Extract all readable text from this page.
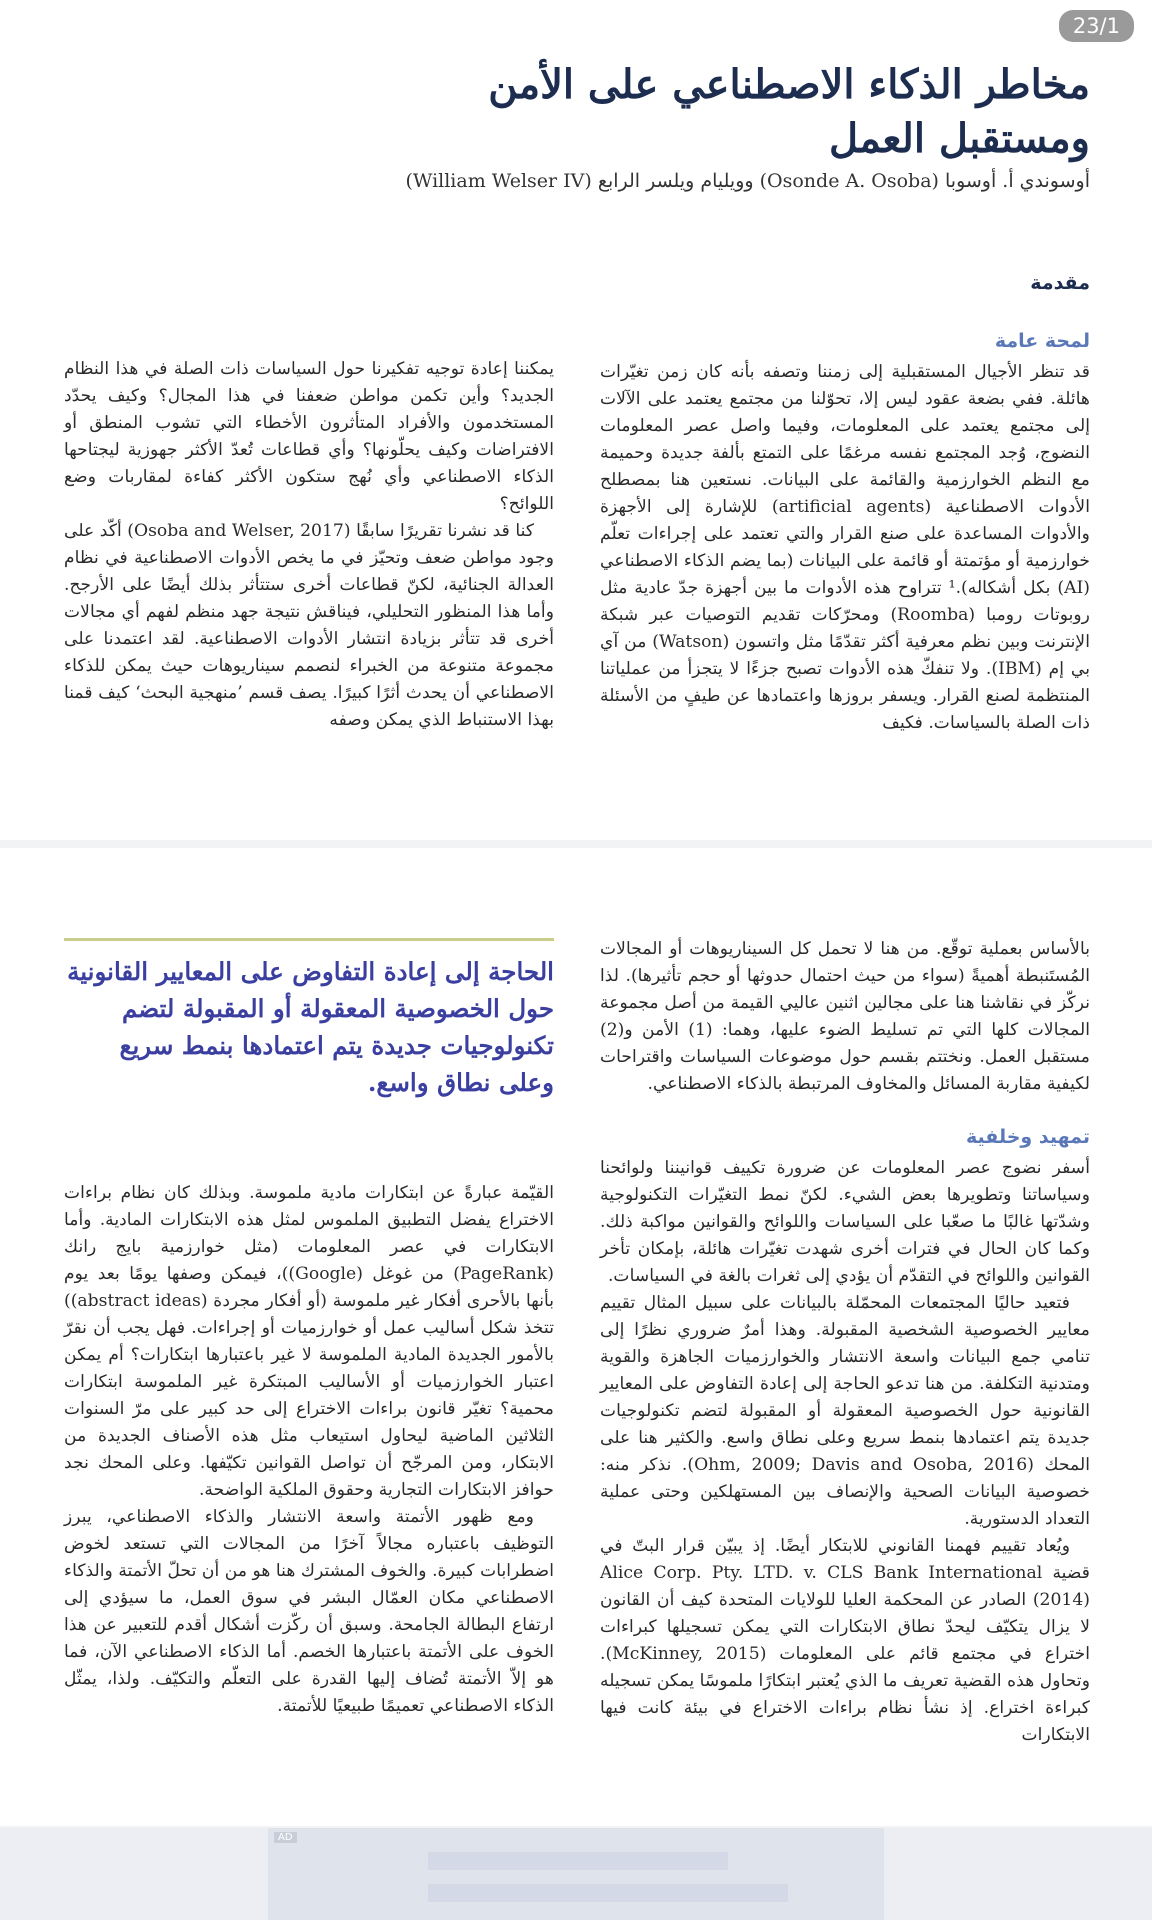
23/1
مخاطر الذكاء الاصطناعي على الأمن ومستقبل العمل
أوسوندي أ. أوسوبا (Osonde A. Osoba) وويليام ويلسر الرابع (William Welser IV)
مقدمة
لمحة عامة

قد تنظر الأجيال المستقبلية إلى زمننا وتصفه بأنه كان زمن تغيّرات هائلة. ففي بضعة عقود ليس إلا، تحوّلنا من مجتمع يعتمد على الآلات إلى مجتمع يعتمد على المعلومات، وفيما واصل عصر المعلومات النضوج، وُجد المجتمع نفسه مرغمًا على التمتع بألفة جديدة وحميمة مع النظم الخوارزمية والقائمة على البيانات. نستعين هنا بمصطلح الأدوات الاصطناعية (artificial agents) للإشارة إلى الأجهزة والأدوات المساعدة على صنع القرار والتي تعتمد على إجراءات تعلّم خوارزمية أو مؤتمتة أو قائمة على البيانات (بما يضم الذكاء الاصطناعي (AI) بكل أشكاله).¹ تتراوح هذه الأدوات ما بين أجهزة جدّ عادية مثل روبوتات رومبا (Roomba) ومحرّكات تقديم التوصيات عبر شبكة الإنترنت وبين نظم معرفية أكثر تقدّمًا مثل واتسون (Watson) من آي بي إم (IBM). ولا تنفكّ هذه الأدوات تصبح جزءًا لا يتجزأ من عملياتنا المنتظمة لصنع القرار. ويسفر بروزها واعتمادها عن طيفٍ من الأسئلة ذات الصلة بالسياسات. فكيف

يمكننا إعادة توجيه تفكيرنا حول السياسات ذات الصلة في هذا النظام الجديد؟ وأين تكمن مواطن ضعفنا في هذا المجال؟ وكيف يحدّد المستخدمون والأفراد المتأثرون الأخطاء التي تشوب المنطق أو الافتراضات وكيف يحلّونها؟ وأي قطاعات تُعدّ الأكثر جهوزية ليجتاحها الذكاء الاصطناعي وأي نُهج ستكون الأكثر كفاءة لمقاربات وضع اللوائح؟

كنا قد نشرنا تقريرًا سابقًا (Osoba and Welser, 2017) أكّد على وجود مواطن ضعف وتحيّز في ما يخص الأدوات الاصطناعية في نظام العدالة الجنائية، لكنّ قطاعات أخرى ستتأثر بذلك أيضًا على الأرجح. وأما هذا المنظور التحليلي، فيناقش نتيجة جهد منظم لفهم أي مجالات أخرى قد تتأثر بزيادة انتشار الأدوات الاصطناعية. لقد اعتمدنا على مجموعة متنوعة من الخبراء لنصمم سيناريوهات حيث يمكن للذكاء الاصطناعي أن يحدث أثرًا كبيرًا. يصف قسم ’منهجية البحث‘ كيف قمنا بهذا الاستنباط الذي يمكن وصفه

بالأساس بعملية توقّع. من هنا لا تحمل كل السيناريوهات أو المجالات المُستَنبطة أهميةً (سواء من حيث احتمال حدوثها أو حجم تأثيرها). لذا نركّز في نقاشنا هنا على مجالين اثنين عاليي القيمة من أصل مجموعة المجالات كلها التي تم تسليط الضوء عليها، وهما: (1) الأمن و(2) مستقبل العمل. ونختتم بقسم حول موضوعات السياسات واقتراحات لكيفية مقاربة المسائل والمخاوف المرتبطة بالذكاء الاصطناعي.

تمهيد وخلفية

أسفر نضوج عصر المعلومات عن ضرورة تكييف قوانيننا ولوائحنا وسياساتنا وتطويرها بعض الشيء. لكنّ نمط التغيّرات التكنولوجية وشدّتها غالبًا ما صعّبا على السياسات واللوائح والقوانين مواكبة ذلك. وكما كان الحال في فترات أخرى شهدت تغيّرات هائلة، بإمكان تأخر القوانين واللوائح في التقدّم أن يؤدي إلى ثغرات بالغة في السياسات.

فتعيد حاليًا المجتمعات المحمّلة بالبيانات على سبيل المثال تقييم معايير الخصوصية الشخصية المقبولة. وهذا أمرٌ ضروري نظرًا إلى تنامي جمع البيانات واسعة الانتشار والخوارزميات الجاهزة والقوية ومتدنية التكلفة. من هنا تدعو الحاجة إلى إعادة التفاوض على المعايير القانونية حول الخصوصية المعقولة أو المقبولة لتضم تكنولوجيات جديدة يتم اعتمادها بنمط سريع وعلى نطاق واسع. والكثير هنا على المحك (Ohm, 2009; Davis and Osoba, 2016). نذكر منه: خصوصية البيانات الصحية والإنصاف بين المستهلكين وحتى عملية التعداد الدستورية.

ويُعاد تقييم فهمنا القانوني للابتكار أيضًا. إذ يبيّن قرار البتّ في قضية Alice Corp. Pty. LTD. v. CLS Bank International (2014) الصادر عن المحكمة العليا للولايات المتحدة كيف أن القانون لا يزال يتكيّف ليحدّ نطاق الابتكارات التي يمكن تسجيلها كبراءات اختراع في مجتمع قائم على المعلومات (McKinney, 2015). وتحاول هذه القضية تعريف ما الذي يُعتبر ابتكارًا ملموسًا يمكن تسجيله كبراءة اختراع. إذ نشأ نظام براءات الاختراع في بيئة كانت فيها الابتكارات

الحاجة إلى إعادة التفاوض على المعايير القانونية حول الخصوصية المعقولة أو المقبولة لتضم تكنولوجيات جديدة يتم اعتمادها بنمط سريع وعلى نطاق واسع.

القيّمة عبارةً عن ابتكارات مادية ملموسة. وبذلك كان نظام براءات الاختراع يفضل التطبيق الملموس لمثل هذه الابتكارات المادية. وأما الابتكارات في عصر المعلومات (مثل خوارزمية بايج رانك (PageRank) من غوغل (Google))، فيمكن وصفها يومًا بعد يوم بأنها بالأحرى أفكار غير ملموسة (أو أفكار مجردة (abstract ideas)) تتخذ شكل أساليب عمل أو خوارزميات أو إجراءات. فهل يجب أن نقرّ بالأمور الجديدة المادية الملموسة لا غير باعتبارها ابتكارات؟ أم يمكن اعتبار الخوارزميات أو الأساليب المبتكرة غير الملموسة ابتكارات محمية؟ تغيّر قانون براءات الاختراع إلى حد كبير على مرّ السنوات الثلاثين الماضية ليحاول استيعاب مثل هذه الأصناف الجديدة من الابتكار، ومن المرجّح أن تواصل القوانين تكيّفها. وعلى المحك نجد حوافز الابتكارات التجارية وحقوق الملكية الواضحة.

ومع ظهور الأتمتة واسعة الانتشار والذكاء الاصطناعي، يبرز التوظيف باعتباره مجالاً آخرًا من المجالات التي تستعد لخوض اضطرابات كبيرة. والخوف المشترك هنا هو من أن تحلّ الأتمتة والذكاء الاصطناعي مكان العمّال البشر في سوق العمل، ما سيؤدي إلى ارتفاع البطالة الجامحة. وسبق أن ركّزت أشكال أقدم للتعبير عن هذا الخوف على الأتمتة باعتبارها الخصم. أما الذكاء الاصطناعي الآن، فما هو إلاّ الأتمتة تُضاف إليها القدرة على التعلّم والتكيّف. ولذا، يمثّل الذكاء الاصطناعي تعميمًا طبيعيًا للأتمتة.

AD
